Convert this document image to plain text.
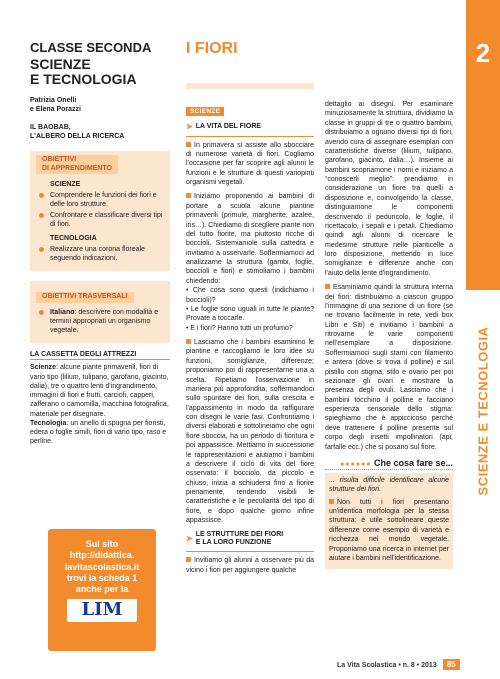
2
SCIENZE E TECNOLOGIA
CLASSE SECONDA
SCIENZE
E TECNOLOGIA
Patrizia Onelli
e Elena Porazzi
IL BAOBAB,
L'ALBERO DELLA RICERCA
OBIETTIVI
DI APPRENDIMENTO
SCIENZE
Comprendere le funzioni dei fiori e delle loro strutture.
Confrontare e classificare diversi tipi di fiori.
TECNOLOGIA
Realizzare una corona floreale seguendo indicazioni.
OBIETTIVI TRASVERSALI
Italiano: descrivere con modalità e termini appropriati un organismo vegetale.
LA CASSETTA DEGLI ATTREZZI

Scienze: alcune piante primaverili, fiori di vario tipo (lilium, tulipano, garofano, giacinto, dalia), tre o quattro lenti d'ingrandimento, immagini di fiori e frutti, carciofi, capperi, zafferano o camomilla, macchina fotografica, materiale per disegnare.

Tecnologia: un anello di spugna per fioristi, edera o foglie simili, fiori di vario tipo, raso e perline.

Sul sito
http://didattica.
lavitascolastica.it
trovi la scheda 1
anche per la
LIM
I FIORI
SCIENZE
➤ LA VITA DEL FIORE

In primavera si assiste allo sbocciare di numerose varietà di fiori. Cogliamo l'occasione per far scoprire agli alunni le funzioni e le strutture di questi variopinti organismi vegetali.

Iniziamo proponendo ai bambini di portare a scuola alcune piantine primaverili (primule, margherite, azalee, iris…). Chiediamo di scegliere piante non del tutto fiorite, ma piuttosto ricche di boccioli. Sistemiamole sulla cattedra e invitiamo a osservarle. Soffermiamoci ad analizzarne la struttura (gambi, foglie, boccioli e fiori) e stimoliamo i bambini chiedendo:
• Che cosa sono questi (indichiamo i boccioli)?
• Le foglie sono uguali in tutte le piante? Provate a toccarle.
• E i fiori? Hanno tutti un profumo?

Lasciamo che i bambini esaminino le piantine e raccogliamo le loro idee su funzioni, somiglianze, differenze; proponiamo poi di rappresentarne una a scelta. Ripetiamo l'osservazione in maniera più approfondita, soffermandoci sullo spuntare dei fiori, sulla crescita e l'appassimento in modo da raffigurare con disegni le varie fasi. Confrontiamo i diversi elaborati e sottolineiamo che ogni fiore sboccia, ha un periodo di fioritura e poi appassisce. Mettiamo in successione le rappresentazioni e aiutiamo i bambini a descrivere il ciclo di vita del fiore osservato: il bocciolo, da piccolo e chiuso, inizia a schiudersi fino a fiorire pienamente, rendendo visibili le caratteristiche e le peculiarità del tipo di fiore, e dopo qualche giorno infine appassisce.

➤
LE STRUTTURE DEI FIORI
E LA LORO FUNZIONE

Invitiamo gli alunni a osservare più da vicino i fiori per aggiungere qualche

dettaglio ai disegni. Per esaminare minuziosamente la struttura, dividiamo la classe in gruppi di tre o quattro bambini, distribuiamo a ognuno diversi tipi di fiori, avendo cura di assegnare esemplari con caratteristiche diverse (lilium, tulipano, garofano, giacinto, dalia…). Insieme ai bambini scopriamone i nomi e iniziamo a “conoscerli meglio”: prendiamo in considerazione un fiore tra quelli a disposizione e, coinvolgendo la classe, distinguiamone le componenti descrivendo il peduncolo, le foglie, il ricettacolo, i sepali e i petali. Chiediamo quindi agli alunni di ricercare le medesime strutture nelle pianticelle a loro disposizione, mettendo in luce somiglianze e differenze anche con l'aiuto della lente d'ingrandimento.

Esaminiamo quindi la struttura interna dei fiori: distribuiamo a ciascun gruppo l'immagine di una sezione di un fiore (se ne trovano facilmente in rete, vedi box Libri e Siti) e invitiamo i bambini a ritrovarne le varie componenti nell'esemplare a disposizione. Soffermiamoci sugli stami con filamento e antera (dove si trova il polline) e sul pistillo con stigma, stilo e ovario per poi sezionare gli ovari e mostrare la presenza degli ovuli. Lasciamo che i bambini tocchino il polline e facciano esperienza sensoriale dello stigma: spieghiamo che è appiccicoso perché deve trattenere il polline presente sul corpo degli insetti impollinatori (api, farfalle ecc.) che si posano sul fiore.

●●●●●● Che cosa fare se...

... risulta difficile identificare alcune strutture dei fiori.

Non tutti i fiori presentano un'identica morfologia per la stessa struttura: è utile sottolineare queste differenze come esempio di varietà e ricchezza nel mondo vegetale. Proponiamo una ricerca in internet per aiutare i bambini nell'identificazione.

La Vita Scolastica • n. 8 • 2013 85
